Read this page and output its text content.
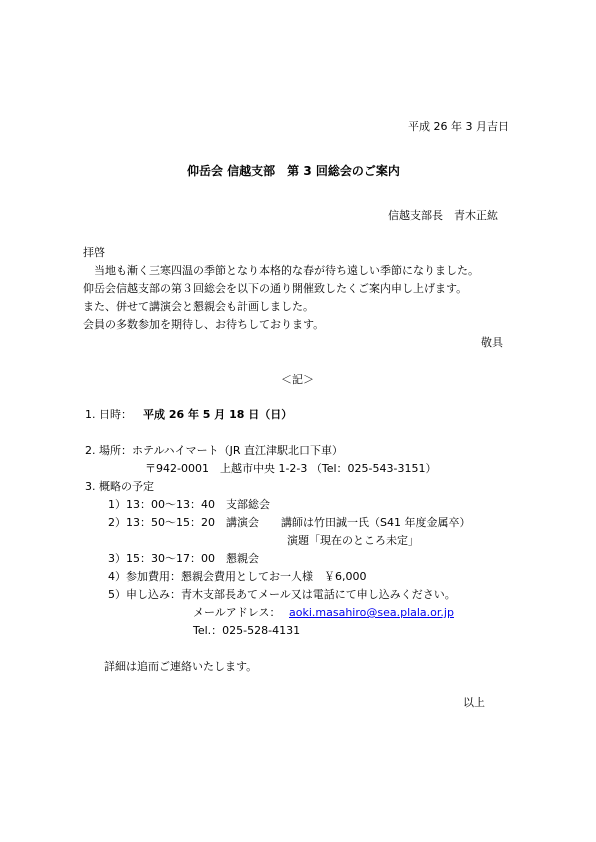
平成 26 年 3 月吉日
仰岳会 信越支部　第 3 回総会のご案内
信越支部長　青木正紘
拝啓
当地も漸く三寒四温の季節となり本格的な春が待ち遠しい季節になりました。
仰岳会信越支部の第３回総会を以下の通り開催致したくご案内申し上げます。
また、併せて講演会と懇親会も計画しました。
会員の多数参加を期待し、お待ちしております。
敬具
＜記＞
1. 日時： 平成 26 年 5 月 18 日（日）
2. 場所：ホテルハイマート（JR 直江津駅北口下車）
〒942-0001　上越市中央 1-2-3 （Tel：025-543-3151）
3. 概略の予定
1）13：00〜13：40　支部総会
2）13：50〜15：20　講演会　　講師は竹田誠一氏（S41 年度金属卒）
演題「現在のところ未定」
3）15：30〜17：00　懇親会
4）参加費用：懇親会費用としてお一人様　￥6,000
5）申し込み：青木支部長あてメール又は電話にて申し込みください。
メールアドレス： aoki.masahiro@sea.plala.or.jp
Tel.：025-528-4131
詳細は追而ご連絡いたします。
以上
